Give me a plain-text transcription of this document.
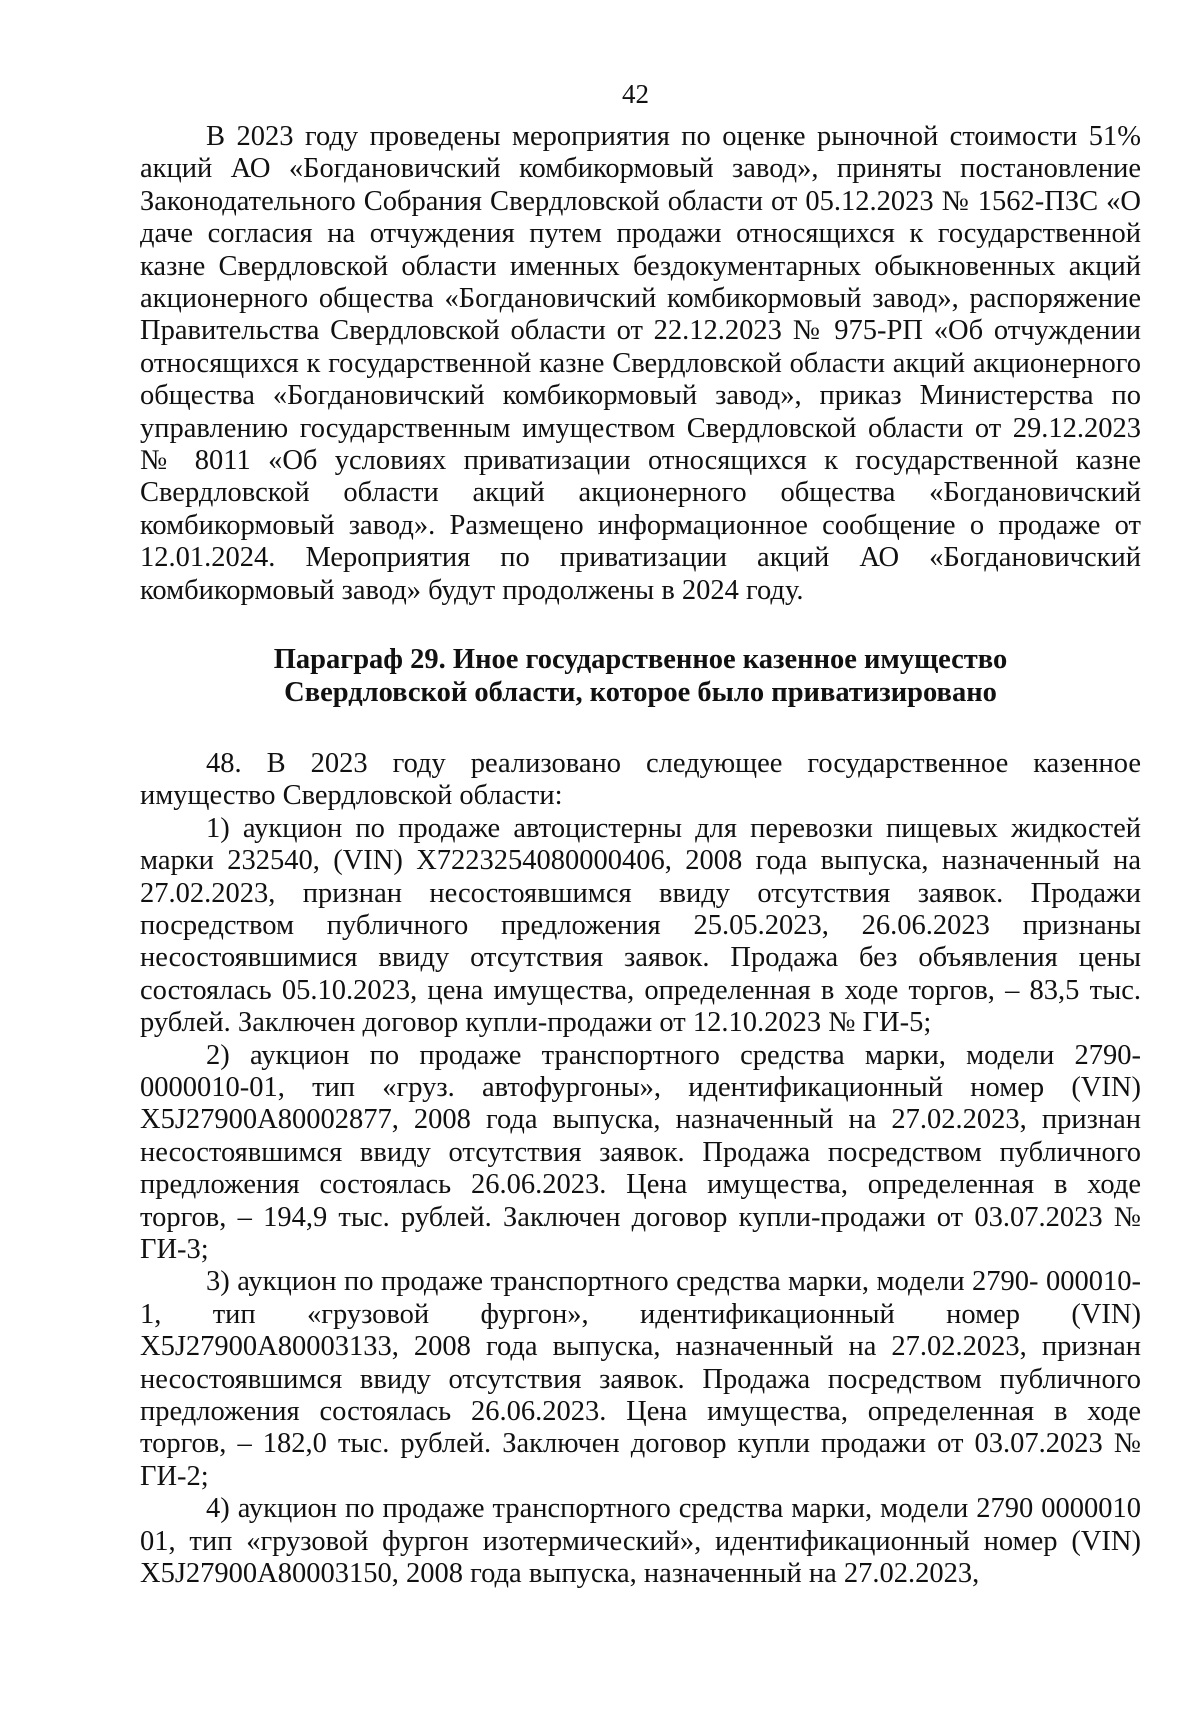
42

В 2023 году проведены мероприятия по оценке рыночной стоимости 51% акций АО «Богдановичский комбикормовый завод», приняты постановление Законодательного Собрания Свердловской области от 05.12.2023 № 1562-ПЗС «О даче согласия на отчуждения путем продажи относящихся к государственной казне Свердловской области именных бездокументарных обыкновенных акций акционерного общества «Богдановичский комбикормовый завод», распоряжение Правительства Свердловской области от 22.12.2023 № 975-РП «Об отчуждении относящихся к государственной казне Свердловской области акций акционерного общества «Богдановичский комбикормовый завод», приказ Министерства по управлению государственным имуществом Свердловской области от 29.12.2023 № 8011 «Об условиях приватизации относящихся к государственной казне Свердловской области акций акционерного общества «Богдановичский комбикормовый завод». Размещено информационное сообщение о продаже от 12.01.2024. Мероприятия по приватизации акций АО «Богдановичский комбикормовый завод» будут продолжены в 2024 году.

Параграф 29. Иное государственное казенное имущество
Свердловской области, которое было приватизировано

48. В 2023 году реализовано следующее государственное казенное имущество Свердловской области:

1) аукцион по продаже автоцистерны для перевозки пищевых жидкостей марки 232540, (VIN) X7223254080000406, 2008 года выпуска, назначенный на 27.02.2023, признан несостоявшимся ввиду отсутствия заявок. Продажи посредством публичного предложения 25.05.2023, 26.06.2023 признаны несостоявшимися ввиду отсутствия заявок. Продажа без объявления цены состоялась 05.10.2023, цена имущества, определенная в ходе торгов, – 83,5 тыс. рублей. Заключен договор купли-продажи от 12.10.2023 № ГИ-5;

2) аукцион по продаже транспортного средства марки, модели 2790-0000010-01, тип «груз. автофургоны», идентификационный номер (VIN) X5J27900A80002877, 2008 года выпуска, назначенный на 27.02.2023, признан несостоявшимся ввиду отсутствия заявок. Продажа посредством публичного предложения состоялась 26.06.2023. Цена имущества, определенная в ходе торгов, – 194,9 тыс. рублей. Заключен договор купли-продажи от 03.07.2023 № ГИ-3;

3) аукцион по продаже транспортного средства марки, модели 2790- 000010- 1, тип «грузовой фургон», идентификационный номер (VIN) X5J27900A80003133, 2008 года выпуска, назначенный на 27.02.2023, признан несостоявшимся ввиду отсутствия заявок. Продажа посредством публичного предложения состоялась 26.06.2023. Цена имущества, определенная в ходе торгов, – 182,0 тыс. рублей. Заключен договор купли продажи от 03.07.2023 № ГИ-2;

4) аукцион по продаже транспортного средства марки, модели 2790 0000010 01, тип «грузовой фургон изотермический», идентификационный номер (VIN) X5J27900A80003150, 2008 года выпуска, назначенный на 27.02.2023,
